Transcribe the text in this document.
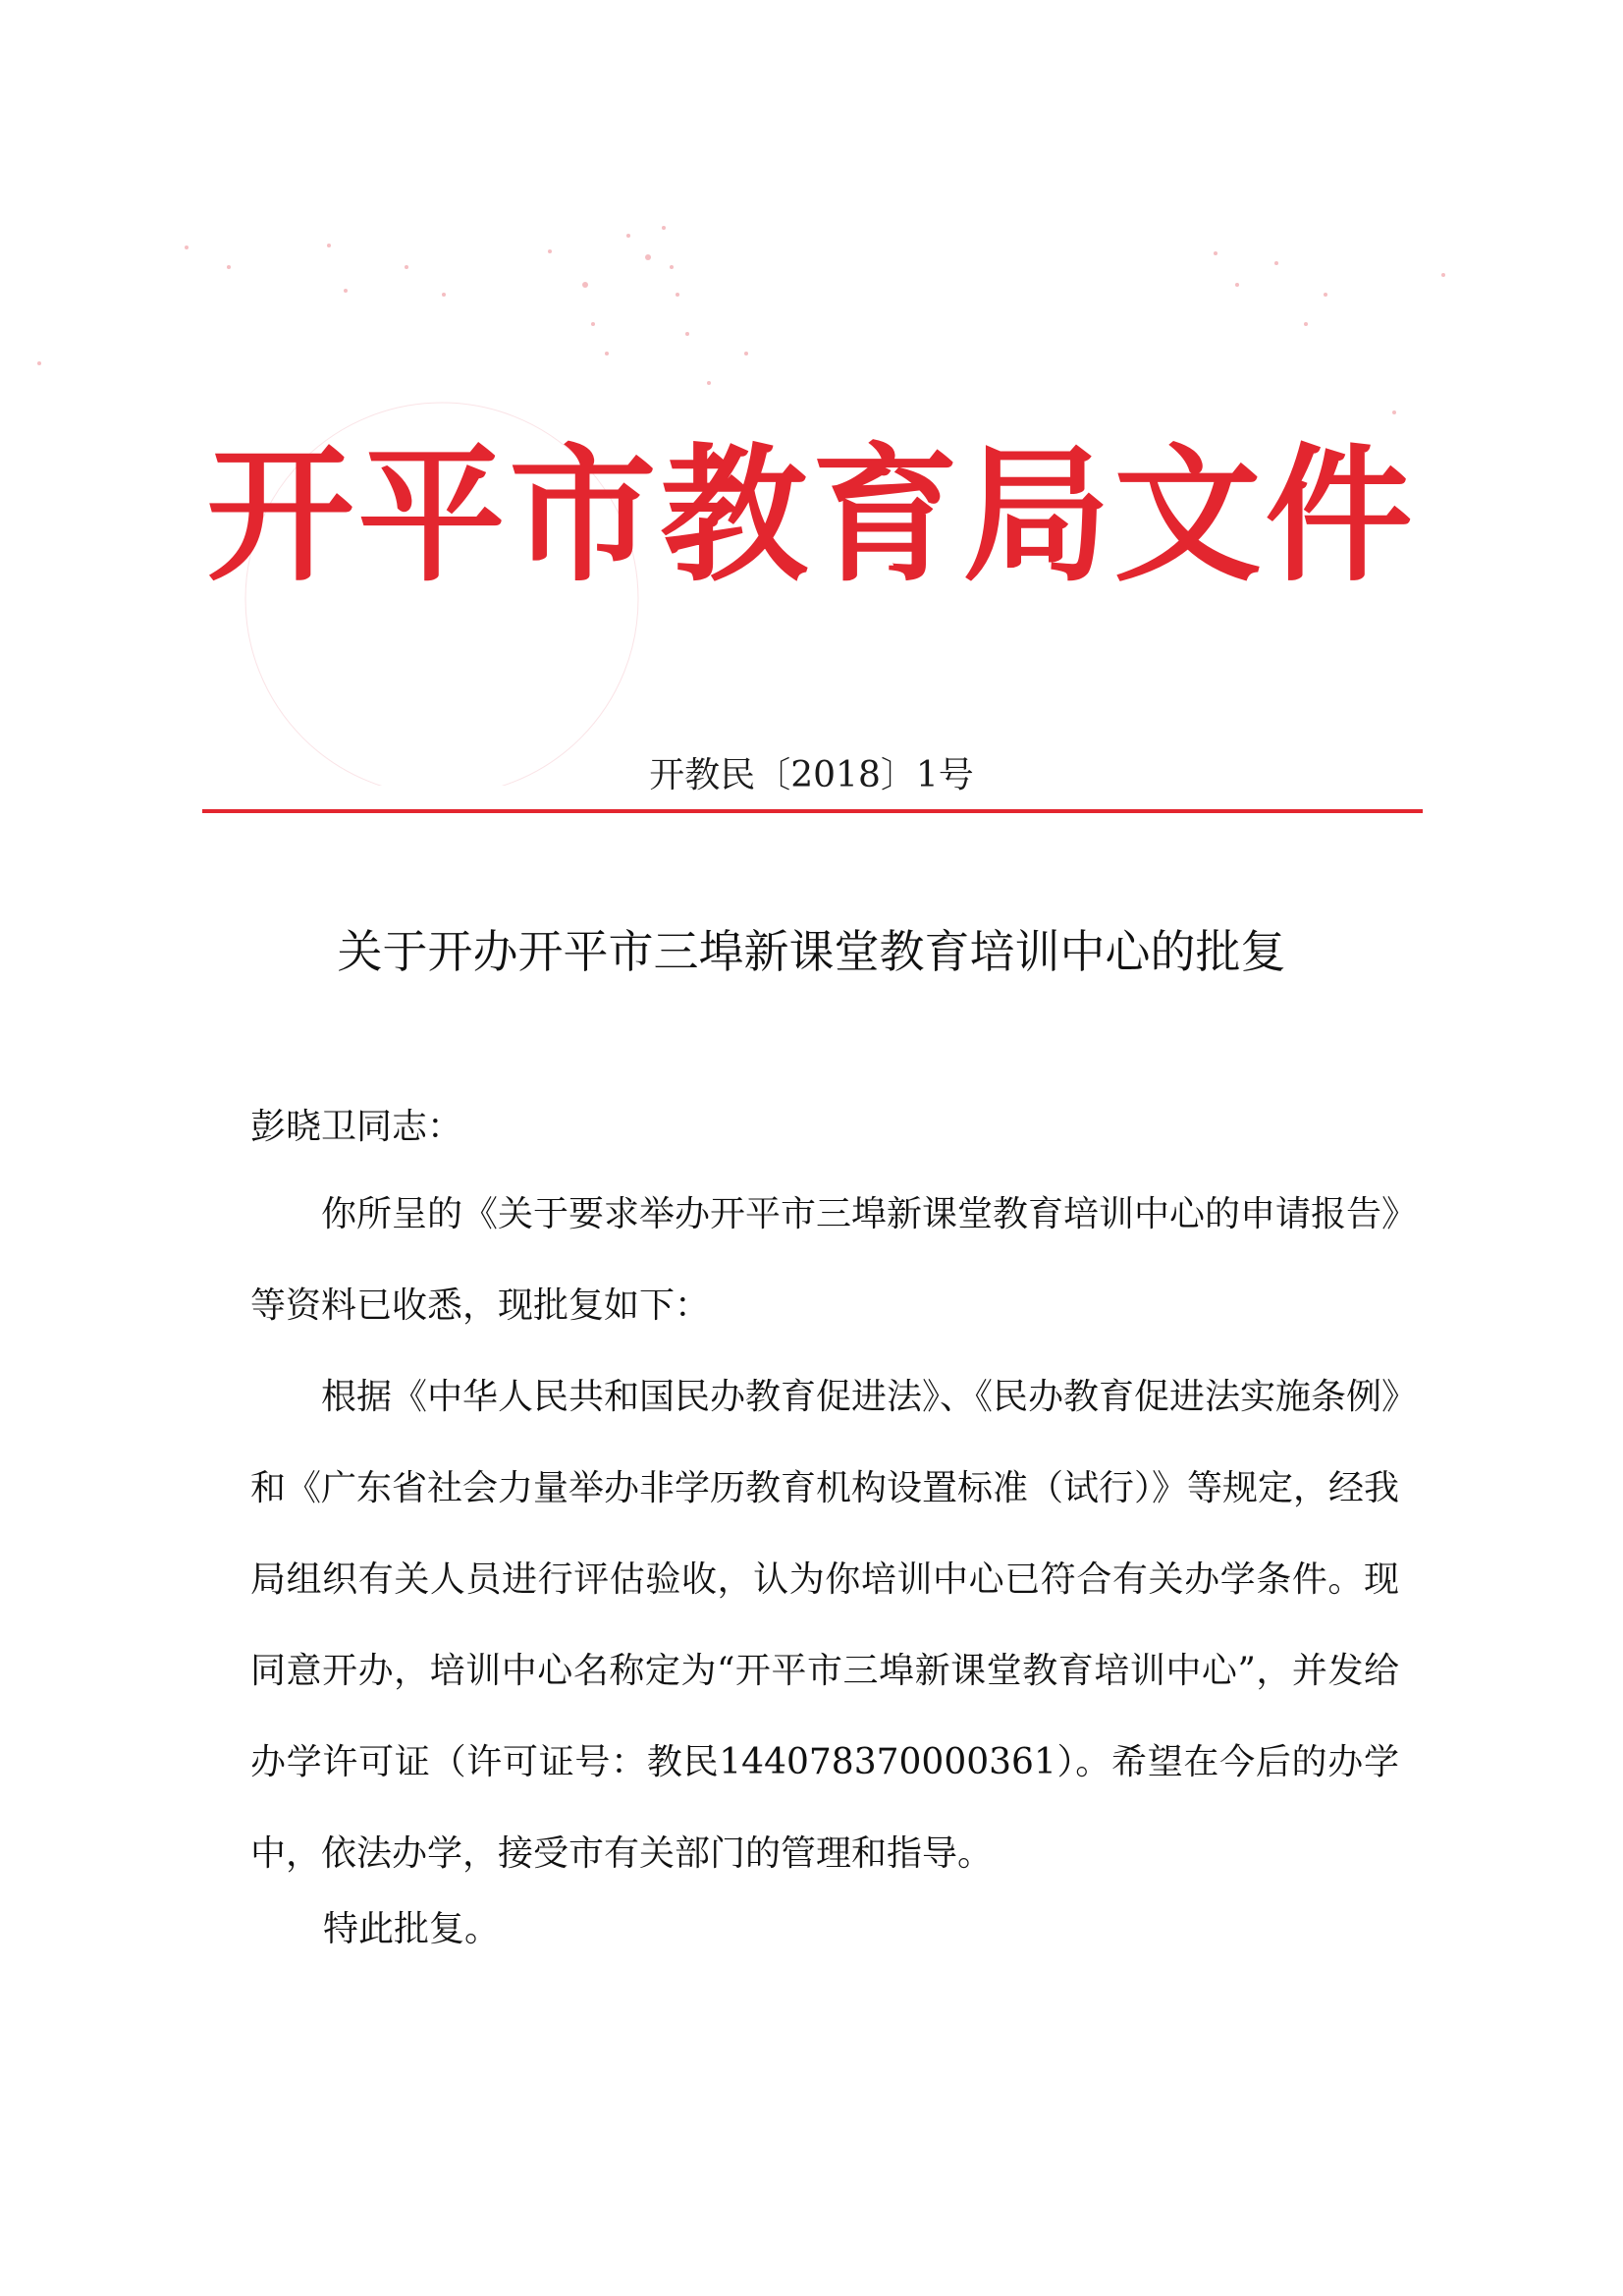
开平市教育局文件
开教民〔2018〕1号
关于开办开平市三埠新课堂教育培训中心的批复
彭晓卫同志：
你所呈的《关于要求举办开平市三埠新课堂教育培训中心的申请报告》等资料已收悉，现批复如下：
根据《中华人民共和国民办教育促进法》、《民办教育促进法实施条例》和《广东省社会力量举办非学历教育机构设置标准（试行）》等规定，经我局组织有关人员进行评估验收，认为你培训中心已符合有关办学条件。现同意开办，培训中心名称定为“开平市三埠新课堂教育培训中心”，并发给办学许可证（许可证号：教民144078370000361）。希望在今后的办学中，依法办学，接受市有关部门的管理和指导。
特此批复。
